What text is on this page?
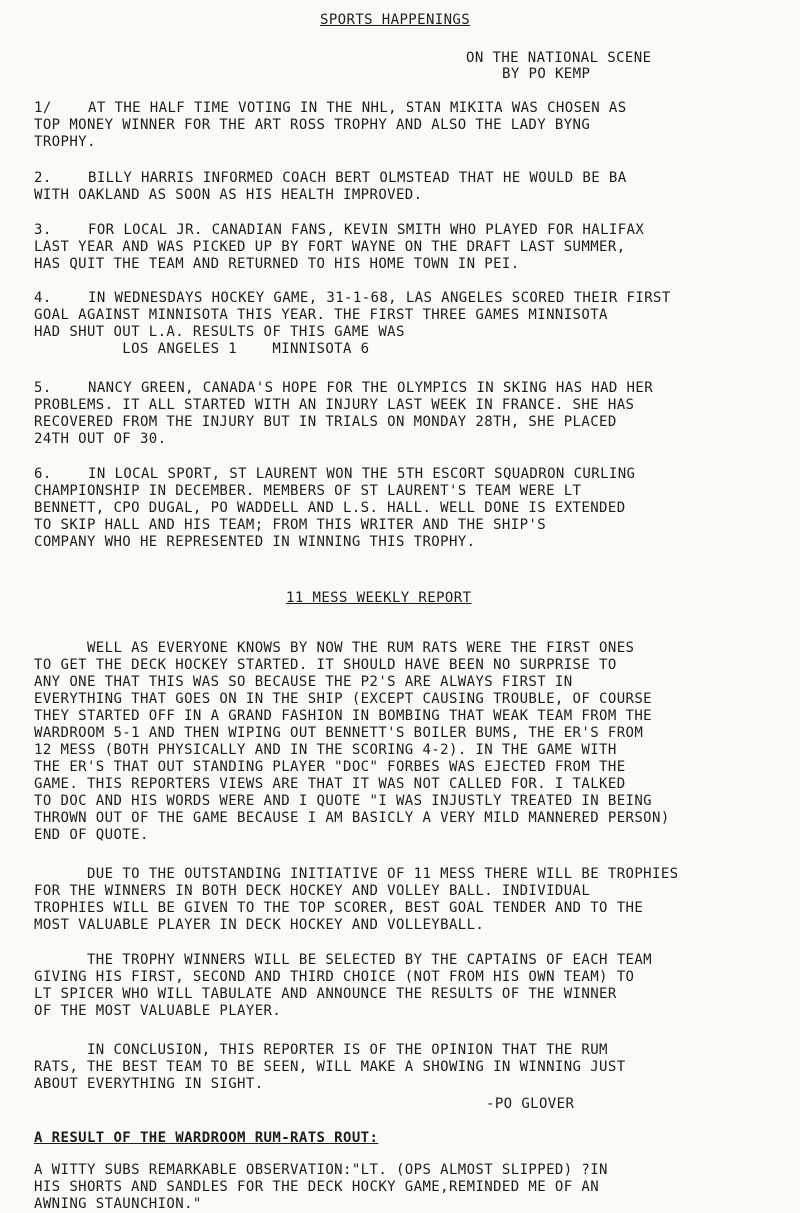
SPORTS HAPPENINGS
ON THE NATIONAL SCENE
BY PO KEMP
1/	AT THE HALF TIME VOTING IN THE NHL, STAN MIKITA WAS CHOSEN AS
TOP MONEY WINNER FOR THE ART ROSS TROPHY AND ALSO THE LADY BYNG
TROPHY.
2.	BILLY HARRIS INFORMED COACH BERT OLMSTEAD THAT HE WOULD BE BA
WITH OAKLAND AS SOON AS HIS HEALTH IMPROVED.
3.	FOR LOCAL JR. CANADIAN FANS, KEVIN SMITH WHO PLAYED FOR HALIFAX
LAST YEAR AND WAS PICKED UP BY FORT WAYNE ON THE DRAFT LAST SUMMER,
HAS QUIT THE TEAM AND RETURNED TO HIS HOME TOWN IN PEI.
4.	IN WEDNESDAYS HOCKEY GAME, 31-1-68, LAS ANGELES SCORED THEIR FIRST
GOAL AGAINST MINNISOTA THIS YEAR. THE FIRST THREE GAMES MINNISOTA
HAD SHUT OUT L.A. RESULTS OF THIS GAME WAS
LOS ANGELES 1    MINNISOTA 6
5.	NANCY GREEN, CANADA'S HOPE FOR THE OLYMPICS IN SKING HAS HAD HER
PROBLEMS. IT ALL STARTED WITH AN INJURY LAST WEEK IN FRANCE. SHE HAS
RECOVERED FROM THE INJURY BUT IN TRIALS ON MONDAY 28TH, SHE PLACED
24TH OUT OF 30.
6.	IN LOCAL SPORT, ST LAURENT WON THE 5TH ESCORT SQUADRON CURLING
CHAMPIONSHIP IN DECEMBER. MEMBERS OF ST LAURENT'S TEAM WERE LT
BENNETT, CPO DUGAL, PO WADDELL AND L.S. HALL. WELL DONE IS EXTENDED
TO SKIP HALL AND HIS TEAM; FROM THIS WRITER AND THE SHIP'S
COMPANY WHO HE REPRESENTED IN WINNING THIS TROPHY.
11 MESS WEEKLY REPORT
WELL AS EVERYONE KNOWS BY NOW THE RUM RATS WERE THE FIRST ONES
TO GET THE DECK HOCKEY STARTED. IT SHOULD HAVE BEEN NO SURPRISE TO
ANY ONE THAT THIS WAS SO BECAUSE THE P2'S ARE ALWAYS FIRST IN
EVERYTHING THAT GOES ON IN THE SHIP (EXCEPT CAUSING TROUBLE, OF COURSE
THEY STARTED OFF IN A GRAND FASHION IN BOMBING THAT WEAK TEAM FROM THE
WARDROOM 5-1 AND THEN WIPING OUT BENNETT'S BOILER BUMS, THE ER'S FROM
12 MESS (BOTH PHYSICALLY AND IN THE SCORING 4-2). IN THE GAME WITH
THE ER'S THAT OUT STANDING PLAYER "DOC" FORBES WAS EJECTED FROM THE
GAME. THIS REPORTERS VIEWS ARE THAT IT WAS NOT CALLED FOR. I TALKED
TO DOC AND HIS WORDS WERE AND I QUOTE "I WAS INJUSTLY TREATED IN BEING
THROWN OUT OF THE GAME BECAUSE I AM BASICLY A VERY MILD MANNERED PERSON)
END OF QUOTE.
DUE TO THE OUTSTANDING INITIATIVE OF 11 MESS THERE WILL BE TROPHIES
FOR THE WINNERS IN BOTH DECK HOCKEY AND VOLLEY BALL. INDIVIDUAL
TROPHIES WILL BE GIVEN TO THE TOP SCORER, BEST GOAL TENDER AND TO THE
MOST VALUABLE PLAYER IN DECK HOCKEY AND VOLLEYBALL.
THE TROPHY WINNERS WILL BE SELECTED BY THE CAPTAINS OF EACH TEAM
GIVING HIS FIRST, SECOND AND THIRD CHOICE (NOT FROM HIS OWN TEAM) TO
LT SPICER WHO WILL TABULATE AND ANNOUNCE THE RESULTS OF THE WINNER
OF THE MOST VALUABLE PLAYER.
IN CONCLUSION, THIS REPORTER IS OF THE OPINION THAT THE RUM
RATS, THE BEST TEAM TO BE SEEN, WILL MAKE A SHOWING IN WINNING JUST
ABOUT EVERYTHING IN SIGHT.
-PO GLOVER
A RESULT OF THE WARDROOM RUM-RATS ROUT:
A WITTY SUBS REMARKABLE OBSERVATION:"LT. (OPS ALMOST SLIPPED) ?IN
HIS SHORTS AND SANDLES FOR THE DECK HOCKY GAME,REMINDED ME OF AN
AWNING STAUNCHION."
